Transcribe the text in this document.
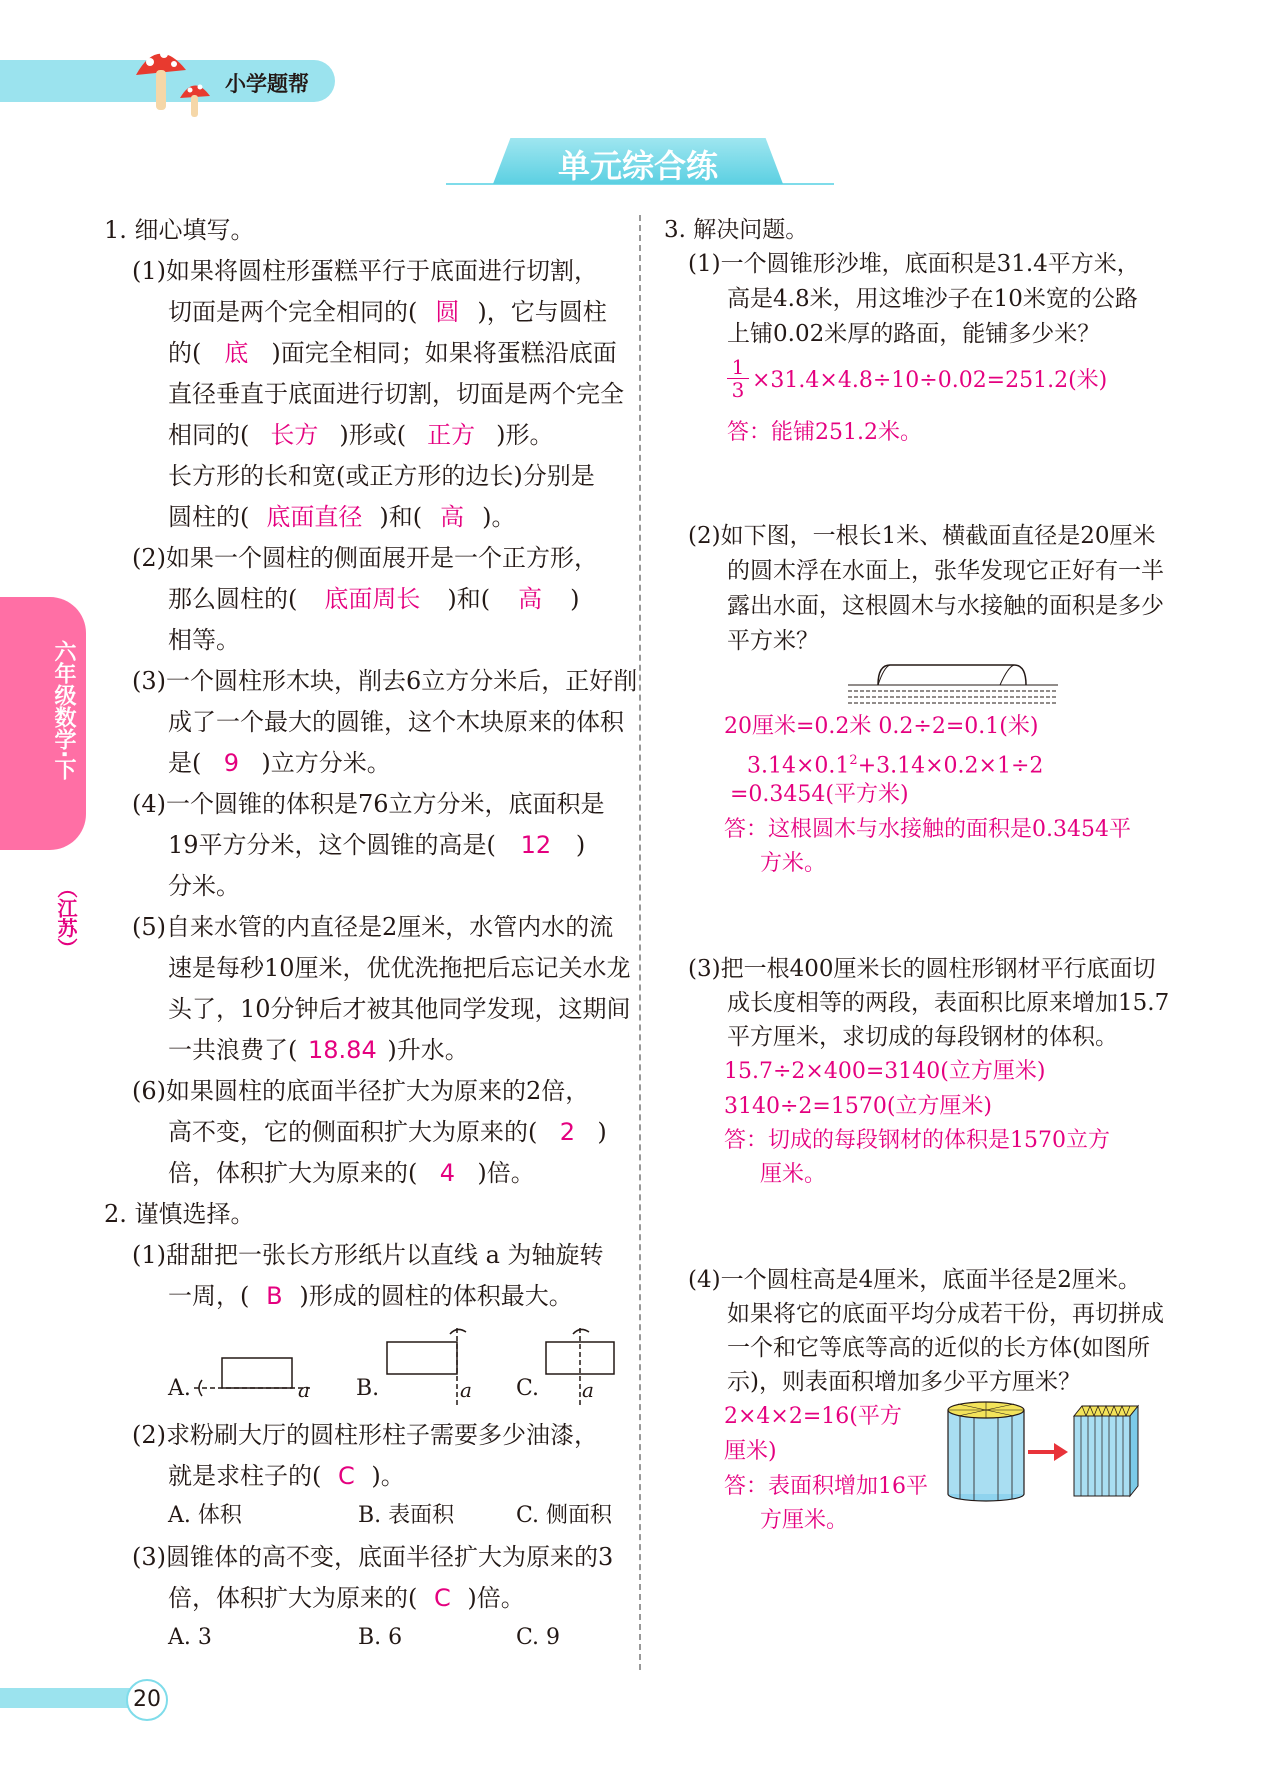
小学题帮
单元综合练
六年级数学·下
（江苏）
20
1. 细心填写。
(1)如果将圆柱形蛋糕平行于底面进行切割，
切面是两个完全相同的( 圆 )，它与圆柱
的( 底 )面完全相同；如果将蛋糕沿底面
直径垂直于底面进行切割，切面是两个完全
相同的( 长方 )形或( 正方 )形。
长方形的长和宽(或正方形的边长)分别是
圆柱的( 底面直径 )和( 高 )。
(2)如果一个圆柱的侧面展开是一个正方形，
那么圆柱的( 底面周长 )和( 高 )
相等。
(3)一个圆柱形木块，削去6立方分米后，正好削
成了一个最大的圆锥，这个木块原来的体积
是( 9 )立方分米。
(4)一个圆锥的体积是76立方分米，底面积是
19平方分米，这个圆锥的高是( 12 )
分米。
(5)自来水管的内直径是2厘米，水管内水的流
速是每秒10厘米，优优洗拖把后忘记关水龙
头了，10分钟后才被其他同学发现，这期间
一共浪费了( 18.84 )升水。
(6)如果圆柱的底面半径扩大为原来的2倍，
高不变，它的侧面积扩大为原来的( 2 )
倍，体积扩大为原来的( 4 )倍。
2. 谨慎选择。
(1)甜甜把一张长方形纸片以直线 a 为轴旋转
一周，( B )形成的圆柱的体积最大。
A.	a B.	a C. a
(2)求粉刷大厅的圆柱形柱子需要多少油漆，
就是求柱子的( C )。
A. 体积	B. 表面积	C. 侧面积
(3)圆锥体的高不变，底面半径扩大为原来的3
倍，体积扩大为原来的( C )倍。
A. 3	B. 6	C. 9
3. 解决问题。
(1)一个圆锥形沙堆，底面积是31.4平方米，
高是4.8米，用这堆沙子在10米宽的公路
上铺0.02米厚的路面，能铺多少米？
1
3 ×31.4×4.8÷10÷0.02=251.2(米)
答：能铺251.2米。
(2)如下图，一根长1米、横截面直径是20厘米
的圆木浮在水面上，张华发现它正好有一半
露出水面，这根圆木与水接触的面积是多少
平方米？
20厘米=0.2米 0.2÷2=0.1(米)
$3.14\times 0.1^2+3.14\times 0.2\times 1\div 2$
=0.3454(平方米)
答：这根圆木与水接触的面积是0.3454平
方米。
(3)把一根400厘米长的圆柱形钢材平行底面切
成长度相等的两段，表面积比原来增加15.7
平方厘米，求切成的每段钢材的体积。
15.7÷2×400=3140(立方厘米)
3140÷2=1570(立方厘米)
答：切成的每段钢材的体积是1570立方
厘米。
(4)一个圆柱高是4厘米，底面半径是2厘米。
如果将它的底面平均分成若干份，再切拼成
一个和它等底等高的近似的长方体(如图所
示)，则表面积增加多少平方厘米？
2×4×2=16(平方
厘米)
答：表面积增加16平
方厘米。
